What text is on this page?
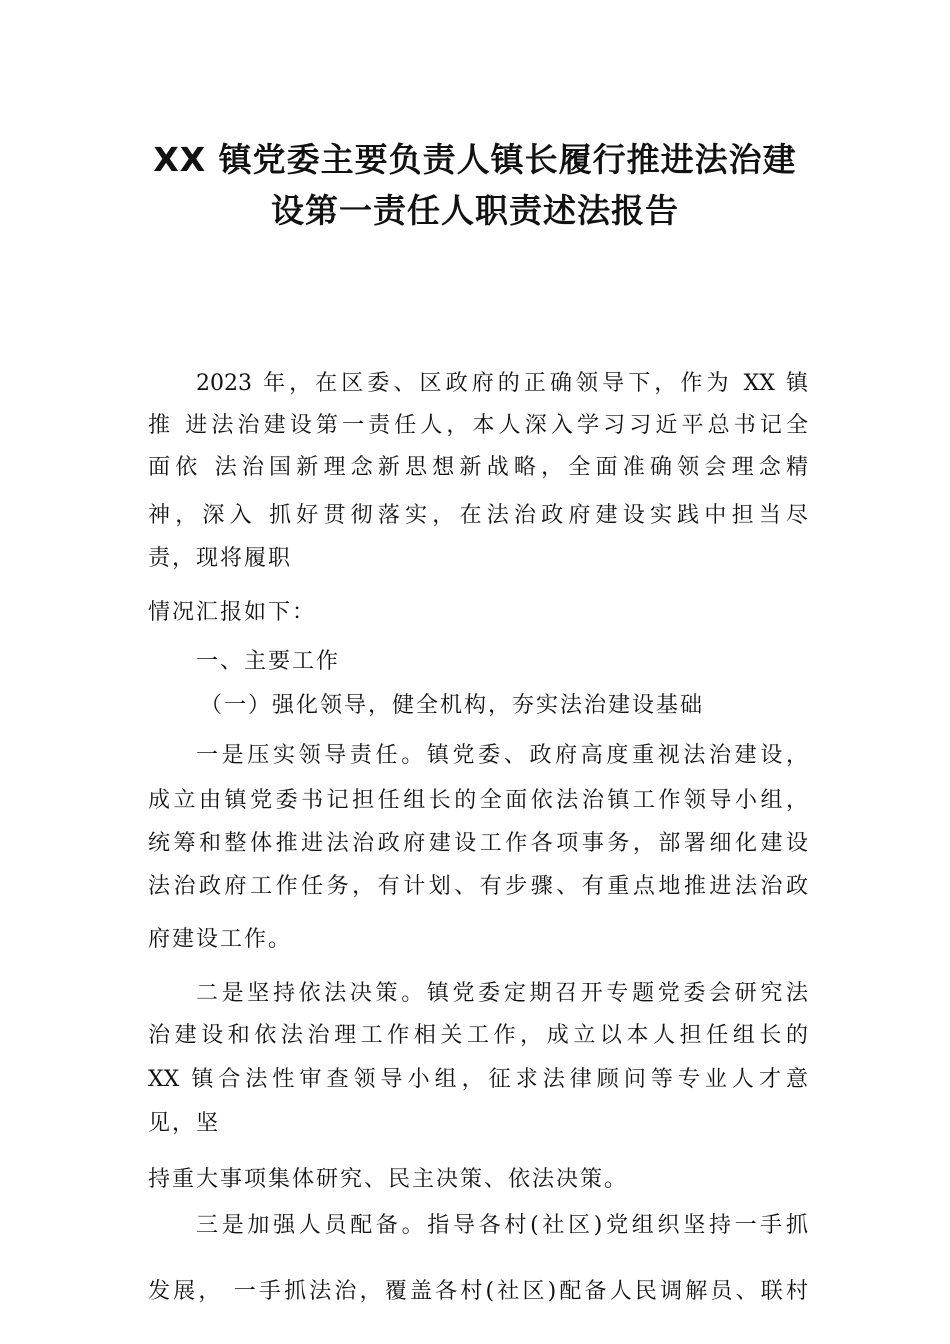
XX 镇党委主要负责人镇长履行推进法治建
设第一责任人职责述法报告
2023 年，在区委、区政府的正确领导下，作为 XX 镇
推 进法治建设第一责任人，本人深入学习习近平总书记全
面依 法治国新理念新思想新战略，全面准确领会理念精
神，深入 抓好贯彻落实，在法治政府建设实践中担当尽
责，现将履职
情况汇报如下：
一、主要工作
（一）强化领导，健全机构，夯实法治建设基础
一是压实领导责任。镇党委、政府高度重视法治建设，
成立由镇党委书记担任组长的全面依法治镇工作领导小组，
统筹和整体推进法治政府建设工作各项事务，部署细化建设
法治政府工作任务，有计划、有步骤、有重点地推进法治政
府建设工作。
二是坚持依法决策。镇党委定期召开专题党委会研究法
治建设和依法治理工作相关工作，成立以本人担任组长的
XX 镇合法性审查领导小组，征求法律顾问等专业人才意
见，坚
持重大事项集体研究、民主决策、依法决策。
三是加强人员配备。指导各村(社区)党组织坚持一手抓
发展， 一手抓法治，覆盖各村(社区)配备人民调解员、联村
